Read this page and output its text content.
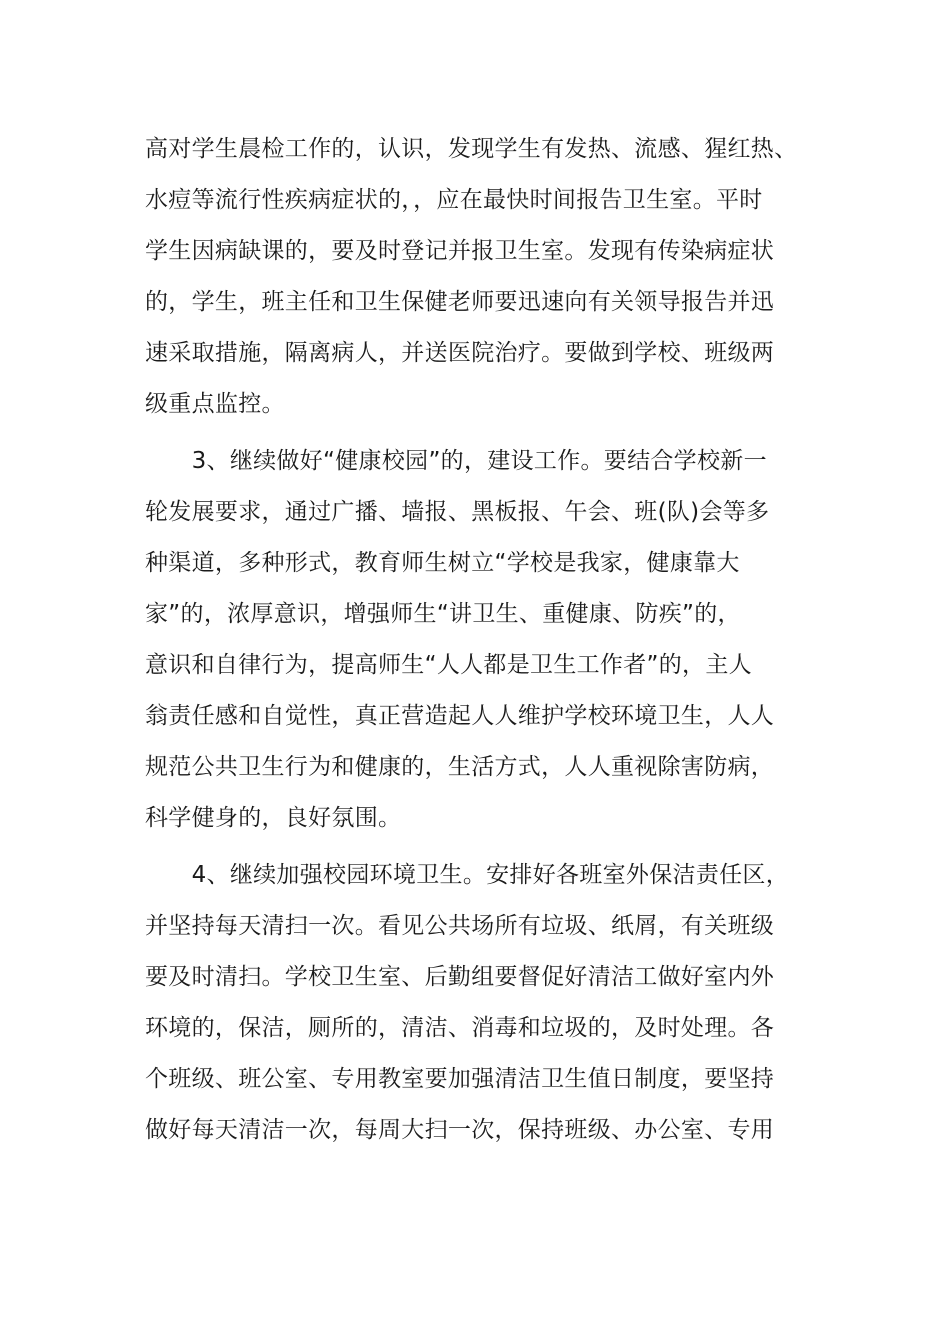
高对学生晨检工作的，认识，发现学生有发热、流感、猩红热、
水痘等流行性疾病症状的，，应在最快时间报告卫生室。平时
学生因病缺课的，要及时登记并报卫生室。发现有传染病症状
的，学生，班主任和卫生保健老师要迅速向有关领导报告并迅
速采取措施，隔离病人，并送医院治疗。要做到学校、班级两
级重点监控。
　　3、继续做好“健康校园”的，建设工作。要结合学校新一
轮发展要求，通过广播、墙报、黑板报、午会、班(队)会等多
种渠道，多种形式，教育师生树立“学校是我家，健康靠大
家”的，浓厚意识，增强师生“讲卫生、重健康、防疾”的，
意识和自律行为，提高师生“人人都是卫生工作者”的，主人
翁责任感和自觉性，真正营造起人人维护学校环境卫生，人人
规范公共卫生行为和健康的，生活方式，人人重视除害防病，
科学健身的，良好氛围。
　　4、继续加强校园环境卫生。安排好各班室外保洁责任区，
并坚持每天清扫一次。看见公共场所有垃圾、纸屑，有关班级
要及时清扫。学校卫生室、后勤组要督促好清洁工做好室内外
环境的，保洁，厕所的，清洁、消毒和垃圾的，及时处理。各
个班级、班公室、专用教室要加强清洁卫生值日制度，要坚持
做好每天清洁一次，每周大扫一次，保持班级、办公室、专用
